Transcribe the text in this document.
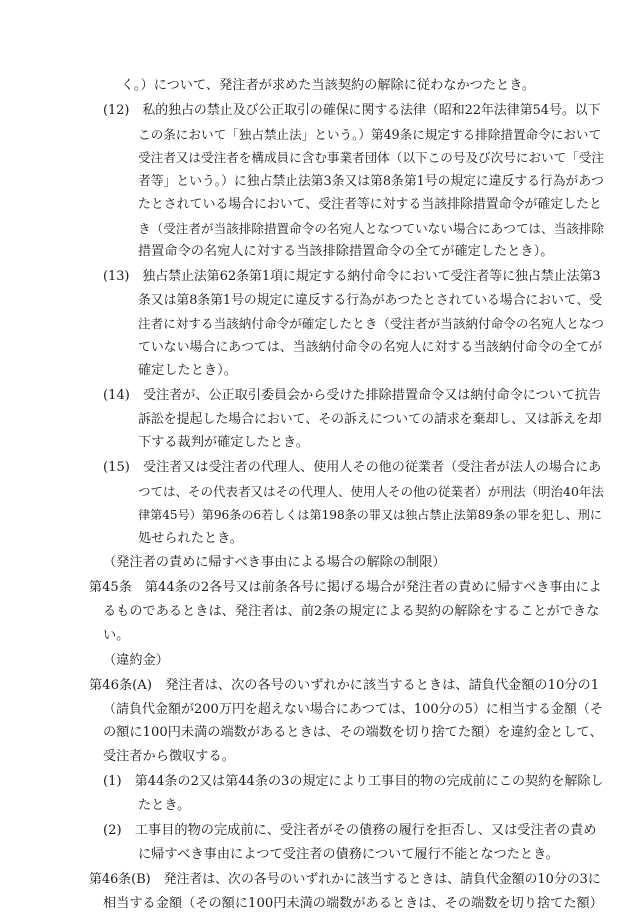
く。）について、発注者が求めた当該契約の解除に従わなかつたとき。
(12)　私的独占の禁止及び公正取引の確保に関する法律（昭和22年法律第54号。以下
この条において「独占禁止法」という。）第49条に規定する排除措置命令において
受注者又は受注者を構成員に含む事業者団体（以下この号及び次号において「受注
者等」という。）に独占禁止法第3条又は第8条第1号の規定に違反する行為があつ
たとされている場合において、受注者等に対する当該排除措置命令が確定したと
き（受注者が当該排除措置命令の名宛人となつていない場合にあつては、当該排除
措置命令の名宛人に対する当該排除措置命令の全てが確定したとき）。
(13)　独占禁止法第62条第1項に規定する納付命令において受注者等に独占禁止法第3
条又は第8条第1号の規定に違反する行為があつたとされている場合において、受
注者に対する当該納付命令が確定したとき（受注者が当該納付命令の名宛人となつ
ていない場合にあつては、当該納付命令の名宛人に対する当該納付命令の全てが
確定したとき）。
(14)　受注者が、公正取引委員会から受けた排除措置命令又は納付命令について抗告
訴訟を提起した場合において、その訴えについての請求を棄却し、又は訴えを却
下する裁判が確定したとき。
(15)　受注者又は受注者の代理人、使用人その他の従業者（受注者が法人の場合にあ
つては、その代表者又はその代理人、使用人その他の従業者）が刑法（明治40年法
律第45号）第96条の6若しくは第198条の罪又は独占禁止法第89条の罪を犯し、刑に
処せられたとき。
（発注者の責めに帰すべき事由による場合の解除の制限）
第45条　第44条の2各号又は前条各号に掲げる場合が発注者の責めに帰すべき事由によ
るものであるときは、発注者は、前2条の規定による契約の解除をすることができな
い。
（違約金）
第46条(A)　発注者は、次の各号のいずれかに該当するときは、請負代金額の10分の1
（請負代金額が200万円を超えない場合にあつては、100分の5）に相当する金額（そ
の額に100円未満の端数があるときは、その端数を切り捨てた額）を違約金として、
受注者から徴収する。
(1)　第44条の2又は第44条の3の規定により工事目的物の完成前にこの契約を解除し
たとき。
(2)　工事目的物の完成前に、受注者がその債務の履行を拒否し、又は受注者の責め
に帰すべき事由によつて受注者の債務について履行不能となつたとき。
第46条(B)　発注者は、次の各号のいずれかに該当するときは、請負代金額の10分の3に
相当する金額（その額に100円未満の端数があるときは、その端数を切り捨てた額）
